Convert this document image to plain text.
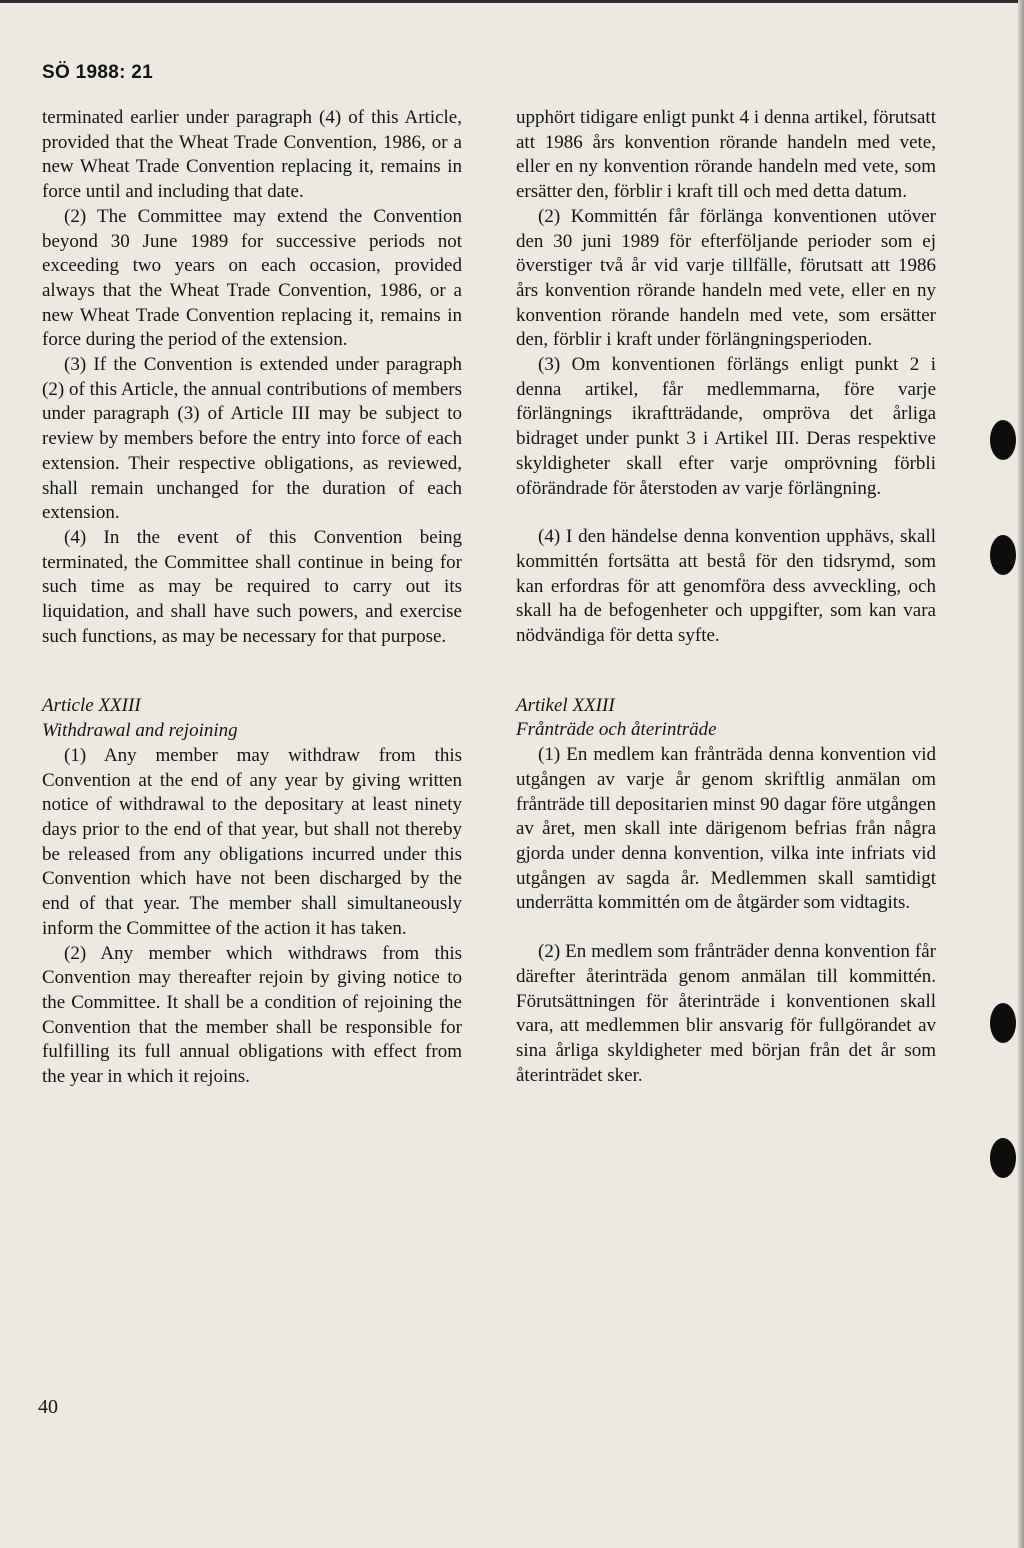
SÖ 1988: 21

terminated earlier under paragraph (4) of this Article, provided that the Wheat Trade Convention, 1986, or a new Wheat Trade Convention replacing it, remains in force until and including that date.

(2) The Committee may extend the Convention beyond 30 June 1989 for successive periods not exceeding two years on each occasion, provided always that the Wheat Trade Convention, 1986, or a new Wheat Trade Convention replacing it, remains in force during the period of the extension.

(3) If the Convention is extended under paragraph (2) of this Article, the annual contributions of members under paragraph (3) of Article III may be subject to review by members before the entry into force of each extension. Their respective obligations, as reviewed, shall remain unchanged for the duration of each extension.

(4) In the event of this Convention being terminated, the Committee shall continue in being for such time as may be required to carry out its liquidation, and shall have such powers, and exercise such functions, as may be necessary for that purpose.

Article XXIII
Withdrawal and rejoining

(1) Any member may withdraw from this Convention at the end of any year by giving written notice of withdrawal to the depositary at least ninety days prior to the end of that year, but shall not thereby be released from any obligations incurred under this Convention which have not been discharged by the end of that year. The member shall simultaneously inform the Committee of the action it has taken.

(2) Any member which withdraws from this Convention may thereafter rejoin by giving notice to the Committee. It shall be a condition of rejoining the Convention that the member shall be responsible for fulfilling its full annual obligations with effect from the year in which it rejoins.

upphört tidigare enligt punkt 4 i denna artikel, förutsatt att 1986 års konvention rörande handeln med vete, eller en ny konvention rörande handeln med vete, som ersätter den, förblir i kraft till och med detta datum.

(2) Kommittén får förlänga konventionen utöver den 30 juni 1989 för efterföljande perioder som ej överstiger två år vid varje tillfälle, förutsatt att 1986 års konvention rörande handeln med vete, eller en ny konvention rörande handeln med vete, som ersätter den, förblir i kraft under förlängningsperioden.

(3) Om konventionen förlängs enligt punkt 2 i denna artikel, får medlemmarna, före varje förlängnings ikraftträdande, ompröva det årliga bidraget under punkt 3 i Artikel III. Deras respektive skyldigheter skall efter varje omprövning förbli oförändrade för återstoden av varje förlängning.

(4) I den händelse denna konvention upphävs, skall kommittén fortsätta att bestå för den tidsrymd, som kan erfordras för att genomföra dess avveckling, och skall ha de befogenheter och uppgifter, som kan vara nödvändiga för detta syfte.

Artikel XXIII
Frånträde och återinträde

(1) En medlem kan frånträda denna konvention vid utgången av varje år genom skriftlig anmälan om frånträde till depositarien minst 90 dagar före utgången av året, men skall inte därigenom befrias från några gjorda under denna konvention, vilka inte infriats vid utgången av sagda år. Medlemmen skall samtidigt underrätta kommittén om de åtgärder som vidtagits.

(2) En medlem som frånträder denna konvention får därefter återinträda genom anmälan till kommittén. Förutsättningen för återinträde i konventionen skall vara, att medlemmen blir ansvarig för fullgörandet av sina årliga skyldigheter med början från det år som återinträdet sker.

40
